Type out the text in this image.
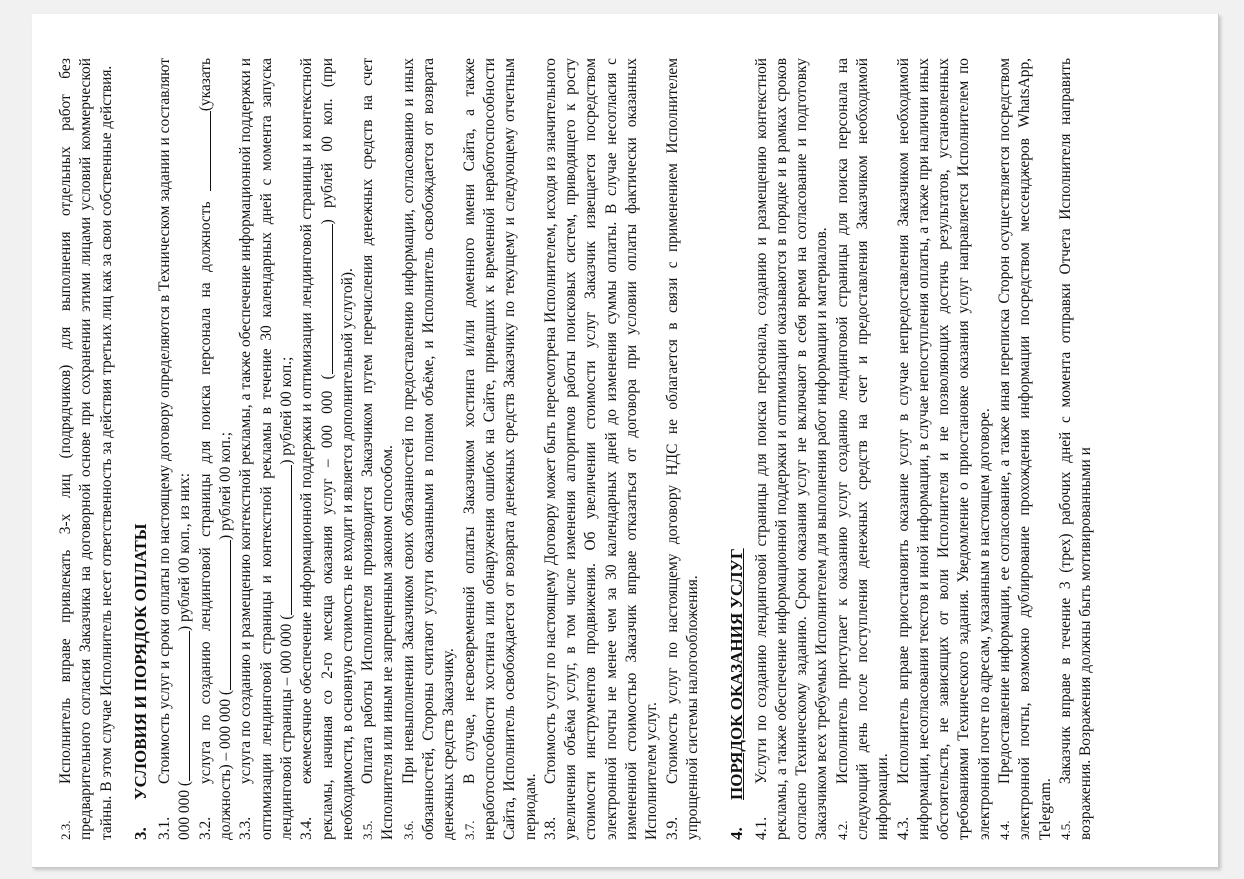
2.3.Исполнитель вправе привлекать 3-х лиц (подрядчиков) для выполнения отдельных работ без предварительного согласия Заказчика на договорной основе при сохранении этими лицами условий коммерческой тайны. В этом случае Исполнитель несет ответственность за действия третьих лиц как за свои собственные действия. 3.УСЛОВИЯ И ПОРЯДОК ОПЛАТЫ

3.1.Стоимость услуг и сроки оплаты по настоящему договору определяются в Техническом задании и составляют 000 000 () рублей 00 коп., из них:

3.2.услуга по созданию лендинговой страницы для поиска персонала на должность (указать должность) – 000 000 () рублей 00 коп.;

3.3.услуга по созданию и размещению контекстной рекламы, а также обеспечение информационной поддержки и оптимизации лендинговой страницы и контекстной рекламы в течение 30 календарных дней с момента запуска лендинговой страницы – 000 000 () рублей 00 коп.;

3.4.ежемесячное обеспечение информационной поддержки и оптимизации лендинговой страницы и контекстной рекламы, начиная со 2-го месяца оказания услуг – 000 000 () рублей 00 коп. (при необходимости, в основную стоимость не входит и является дополнительной услугой). 3.5.Оплата работы Исполнителя производится Заказчиком путем перечисления денежных средств на счет Исполнителя или иным не запрещенным законом способом. 3.6.При невыполнении Заказчиком своих обязанностей по предоставлению информации, согласованию и иных обязанностей, Стороны считают услуги оказанными в полном объёме, и Исполнитель освобождается от возврата денежных средств Заказчику. 3.7.В случае, несвоевременной оплаты Заказчиком хостинга и/или доменного имени Сайта, а также неработоспособности хостинга или обнаружения ошибок на Сайте, приведших к временной неработоспособности Сайта, Исполнитель освобождается от возврата денежных средств Заказчику по текущему и следующему отчетным периодам. 3.8.Стоимость услуг по настоящему Договору может быть пересмотрена Исполнителем, исходя из значительного увеличения объёма услуг, в том числе изменения алгоритмов работы поисковых систем, приводящего к росту стоимости инструментов продвижения. Об увеличении стоимости услуг Заказчик извещается посредством электронной почты не менее чем за 30 календарных дней до изменения суммы оплаты. В случае несогласия с измененной стоимостью Заказчик вправе отказаться от договора при условии оплаты фактически оказанных Исполнителем услуг. 3.9.Стоимость услуг по настоящему договору НДС не облагается в связи с применением Исполнителем упрощенной системы налогообложения. 4.ПОРЯДОК ОКАЗАНИЯ УСЛУГ

4.1.Услуги по созданию лендинговой страницы для поиска персонала, созданию и размещению контекстной рекламы, а также обеспечение информационной поддержки и оптимизации оказываются в порядке и в рамках сроков согласно Техническому заданию. Сроки оказания услуг не включают в себя время на согласование и подготовку Заказчиком всех требуемых Исполнителем для выполнения работ информации и материалов. 4.2.Исполнитель приступает к оказанию услуг созданию лендинговой страницы для поиска персонала на следующий день после поступления денежных средств на счет и предоставления Заказчиком необходимой информации. 4.3.Исполнитель вправе приостановить оказание услуг в случае непредоставления Заказчиком необходимой информации, несогласования текстов и иной информации, в случае непоступления оплаты, а также при наличии иных обстоятельств, не зависящих от воли Исполнителя и не позволяющих достичь результатов, установленных требованиями Технического задания. Уведомление о приостановке оказания услуг направляется Исполнителем по электронной почте по адресам, указанным в настоящем договоре. 4.4.Предоставление информации, ее согласование, а также иная переписка Сторон осуществляется посредством электронной почты, возможно дублирование прохождения информации посредством мессенджеров WhatsApp, Telegram. 4.5.Заказчик вправе в течение 3 (трех) рабочих дней с момента отправки Отчета Исполнителя направить возражения. Возражения должны быть мотивированными и
